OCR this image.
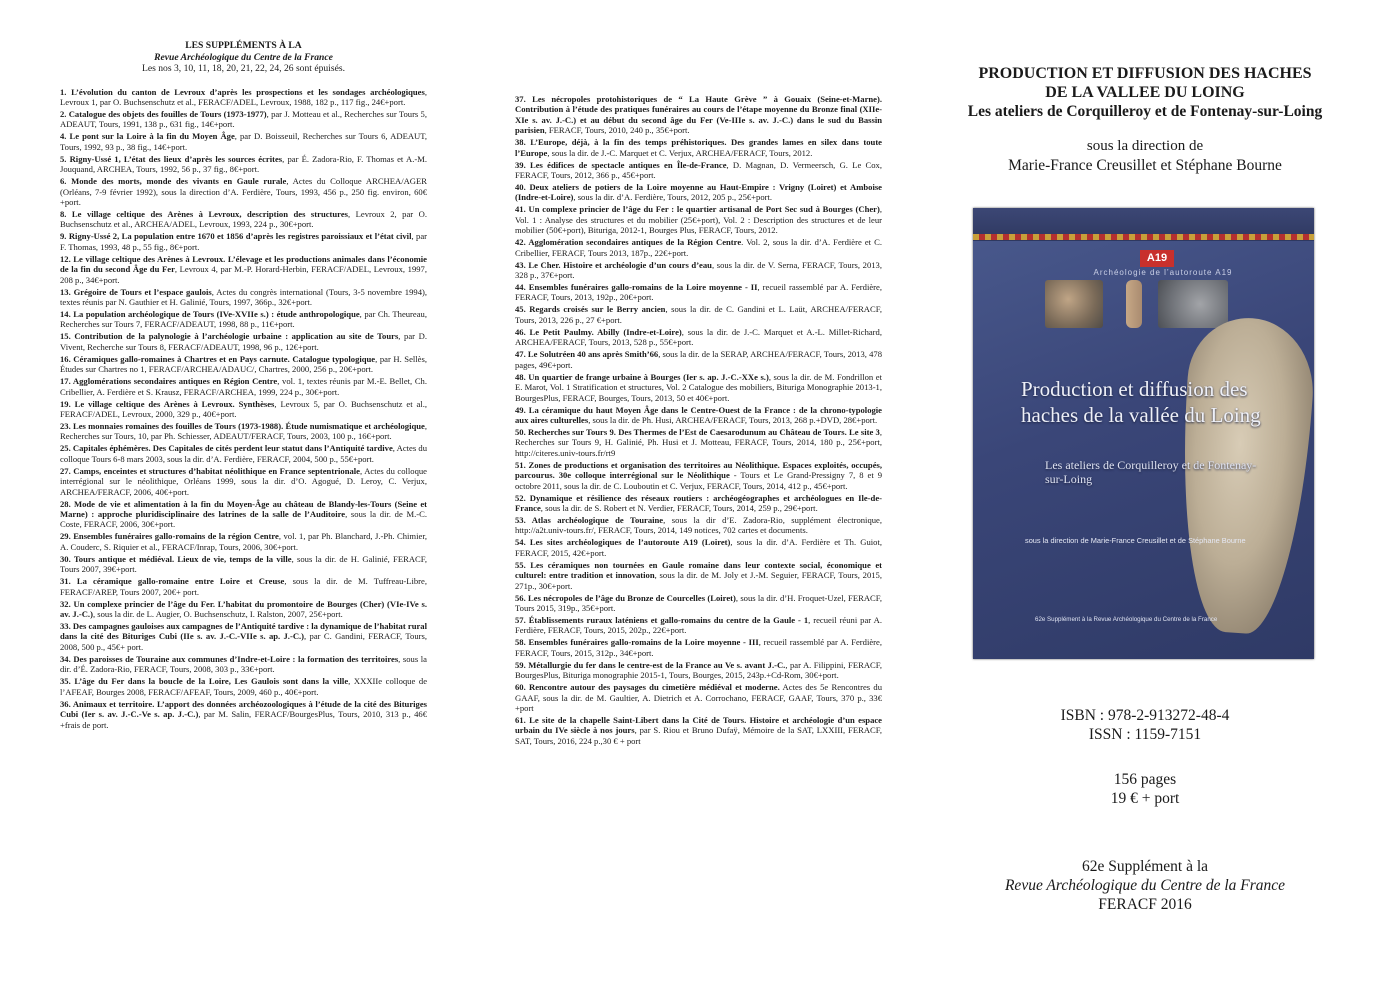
LES SUPPLÉMENTS À LA
Revue Archéologique du Centre de la France
Les nos 3, 10, 11, 18, 20, 21, 22, 24, 26 sont épuisés.

1. L’évolution du canton de Levroux d’après les prospections et les sondages archéologiques, Levroux 1, par O. Buchsenschutz et al., FERACF/ADEL, Levroux, 1988, 182 p., 117 fig., 24€+port.

2. Catalogue des objets des fouilles de Tours (1973-1977), par J. Motteau et al., Recherches sur Tours 5, ADEAUT, Tours, 1991, 138 p., 631 fig., 14€+port.

4. Le pont sur la Loire à la fin du Moyen Âge, par D. Boisseuil, Recherches sur Tours 6, ADEAUT, Tours, 1992, 93 p., 38 fig., 14€+port.

5. Rigny-Ussé 1, L’état des lieux d’après les sources écrites, par É. Zadora-Rio, F. Thomas et A.-M. Jouquand, ARCHEA, Tours, 1992, 56 p., 37 fig., 8€+port.

6. Monde des morts, monde des vivants en Gaule rurale, Actes du Colloque ARCHEA/AGER (Orléans, 7-9 février 1992), sous la direction d’A. Ferdière, Tours, 1993, 456 p., 250 fig. environ, 60€+port.

8. Le village celtique des Arènes à Levroux, description des structures, Levroux 2, par O. Buchsenschutz et al., ARCHEA/ADEL, Levroux, 1993, 224 p., 30€+port.

9. Rigny-Ussé 2, La population entre 1670 et 1856 d’après les registres paroissiaux et l’état civil, par F. Thomas, 1993, 48 p., 55 fig., 8€+port.

12. Le village celtique des Arènes à Levroux. L’élevage et les productions animales dans l’économie de la fin du second Âge du Fer, Levroux 4, par M.-P. Horard-Herbin, FERACF/ADEL, Levroux, 1997, 208 p., 34€+port.

13. Grégoire de Tours et l’espace gaulois, Actes du congrès international (Tours, 3-5 novembre 1994), textes réunis par N. Gauthier et H. Galinié, Tours, 1997, 366p., 32€+port.

14. La population archéologique de Tours (IVe-XVIIe s.) : étude anthropologique, par Ch. Theureau, Recherches sur Tours 7, FERACF/ADEAUT, 1998, 88 p., 11€+port.

15. Contribution de la palynologie à l’archéologie urbaine : application au site de Tours, par D. Vivent, Recherche sur Tours 8, FERACF/ADEAUT, 1998, 96 p., 12€+port.

16. Céramiques gallo-romaines à Chartres et en Pays carnute. Catalogue typologique, par H. Sellès, Études sur Chartres no 1, FERACF/ARCHEA/ADAUC/, Chartres, 2000, 256 p., 20€+port.

17. Agglomérations secondaires antiques en Région Centre, vol. 1, textes réunis par M.-E. Bellet, Ch. Cribellier, A. Ferdière et S. Krausz, FERACF/ARCHEA, 1999, 224 p., 30€+port.

19. Le village celtique des Arènes à Levroux. Synthèses, Levroux 5, par O. Buchsenschutz et al., FERACF/ADEL, Levroux, 2000, 329 p., 40€+port.

23. Les monnaies romaines des fouilles de Tours (1973-1988). Étude numismatique et archéologique, Recherches sur Tours, 10, par Ph. Schiesser, ADEAUT/FERACF, Tours, 2003, 100 p., 16€+port.

25. Capitales éphémères. Des Capitales de cités perdent leur statut dans l’Antiquité tardive, Actes du colloque Tours 6-8 mars 2003, sous la dir. d’A. Ferdière, FERACF, 2004, 500 p., 55€+port.

27. Camps, enceintes et structures d’habitat néolithique en France septentrionale, Actes du colloque interrégional sur le néolithique, Orléans 1999, sous la dir. d’O. Agogué, D. Leroy, C. Verjux, ARCHEA/FERACF, 2006, 40€+port.

28. Mode de vie et alimentation à la fin du Moyen-Âge au château de Blandy-les-Tours (Seine et Marne) : approche pluridisciplinaire des latrines de la salle de l’Auditoire, sous la dir. de M.-C. Coste, FERACF, 2006, 30€+port.

29. Ensembles funéraires gallo-romains de la région Centre, vol. 1, par Ph. Blanchard, J.-Ph. Chimier, A. Couderc, S. Riquier et al., FERACF/Inrap, Tours, 2006, 30€+port.

30. Tours antique et médiéval. Lieux de vie, temps de la ville, sous la dir. de H. Galinié, FERACF, Tours 2007, 39€+port.

31. La céramique gallo-romaine entre Loire et Creuse, sous la dir. de M. Tuffreau-Libre, FERACF/AREP, Tours 2007, 20€+ port.

32. Un complexe princier de l’âge du Fer. L’habitat du promontoire de Bourges (Cher) (VIe-IVe s. av. J.-C.), sous la dir. de L. Augier, O. Buchsenschutz, I. Ralston, 2007, 25€+port.

33. Des campagnes gauloises aux campagnes de l’Antiquité tardive : la dynamique de l’habitat rural dans la cité des Bituriges Cubi (IIe s. av. J.-C.-VIIe s. ap. J.-C.), par C. Gandini, FERACF, Tours, 2008, 500 p., 45€+ port.

34. Des paroisses de Touraine aux communes d’Indre-et-Loire : la formation des territoires, sous la dir. d’É. Zadora-Rio, FERACF, Tours, 2008, 303 p., 33€+port.

35. L’âge du Fer dans la boucle de la Loire, Les Gaulois sont dans la ville, XXXIIe colloque de l’AFEAF, Bourges 2008, FERACF/AFEAF, Tours, 2009, 460 p., 40€+port.

36. Animaux et territoire. L’apport des données archéozoologiques à l’étude de la cité des Bituriges Cubi (Ier s. av. J.-C.-Ve s. ap. J.-C.), par M. Salin, FERACF/BourgesPlus, Tours, 2010, 313 p., 46€+frais de port.

37. Les nécropoles protohistoriques de “ La Haute Grève ” à Gouaix (Seine-et-Marne). Contribution à l’étude des pratiques funéraires au cours de l’étape moyenne du Bronze final (XIIe-XIe s. av. J.-C.) et au début du second âge du Fer (Ve-IIIe s. av. J.-C.) dans le sud du Bassin parisien, FERACF, Tours, 2010, 240 p., 35€+port.

38. L’Europe, déjà, à la fin des temps préhistoriques. Des grandes lames en silex dans toute l’Europe, sous la dir. de J.-C. Marquet et C. Verjux, ARCHEA/FERACF, Tours, 2012.

39. Les édifices de spectacle antiques en Île-de-France, D. Magnan, D. Vermeersch, G. Le Cox, FERACF, Tours, 2012, 366 p., 45€+port.

40. Deux ateliers de potiers de la Loire moyenne au Haut-Empire : Vrigny (Loiret) et Amboise (Indre-et-Loire), sous la dir. d’A. Ferdière, Tours, 2012, 205 p., 25€+port.

41. Un complexe princier de l’âge du Fer : le quartier artisanal de Port Sec sud à Bourges (Cher), Vol. 1 : Analyse des structures et du mobilier (25€+port), Vol. 2 : Description des structures et de leur mobilier (50€+port), Bituriga, 2012-1, Bourges Plus, FERACF, Tours, 2012.

42. Agglomération secondaires antiques de la Région Centre. Vol. 2, sous la dir. d’A. Ferdière et C. Cribellier, FERACF, Tours 2013, 187p., 22€+port.

43. Le Cher. Histoire et archéologie d’un cours d’eau, sous la dir. de V. Serna, FERACF, Tours, 2013, 328 p., 37€+port.

44. Ensembles funéraires gallo-romains de la Loire moyenne - II, recueil rassemblé par A. Ferdière, FERACF, Tours, 2013, 192p., 20€+port.

45. Regards croisés sur le Berry ancien, sous la dir. de C. Gandini et L. Laüt, ARCHEA/FERACF, Tours, 2013, 226 p., 27 €+port.

46. Le Petit Paulmy. Abilly (Indre-et-Loire), sous la dir. de J.-C. Marquet et A.-L. Millet-Richard, ARCHEA/FERACF, Tours, 2013, 528 p., 55€+port.

47. Le Solutréen 40 ans après Smith’66, sous la dir. de la SERAP, ARCHEA/FERACF, Tours, 2013, 478 pages, 49€+port.

48. Un quartier de frange urbaine à Bourges (Ier s. ap. J.-C.-XXe s.), sous la dir. de M. Fondrillon et E. Marot, Vol. 1 Stratification et structures, Vol. 2 Catalogue des mobiliers, Bituriga Monographie 2013-1, BourgesPlus, FERACF, Bourges, Tours, 2013, 50 et 40€+port.

49. La céramique du haut Moyen Âge dans le Centre-Ouest de la France : de la chrono-typologie aux aires culturelles, sous la dir. de Ph. Husi, ARCHEA/FERACF, Tours, 2013, 268 p.+DVD, 28€+port.

50. Recherches sur Tours 9. Des Thermes de l’Est de Caesarodunum au Château de Tours. Le site 3, Recherches sur Tours 9, H. Galinié, Ph. Husi et J. Motteau, FERACF, Tours, 2014, 180 p., 25€+port, http://citeres.univ-tours.fr/rt9

51. Zones de productions et organisation des territoires au Néolithique. Espaces exploités, occupés, parcourus. 30e colloque interrégional sur le Néolithique - Tours et Le Grand-Pressigny 7, 8 et 9 octobre 2011, sous la dir. de C. Louboutin et C. Verjux, FERACF, Tours, 2014, 412 p., 45€+port.

52. Dynamique et résilience des réseaux routiers : archéogéographes et archéologues en Ile-de-France, sous la dir. de S. Robert et N. Verdier, FERACF, Tours, 2014, 259 p., 29€+port.

53. Atlas archéologique de Touraine, sous la dir d’E. Zadora-Rio, supplément électronique, http://a2t.univ-tours.fr/, FERACF, Tours, 2014, 149 notices, 702 cartes et documents.

54. Les sites archéologiques de l’autoroute A19 (Loiret), sous la dir. d’A. Ferdière et Th. Guiot, FERACF, 2015, 42€+port.

55. Les céramiques non tournées en Gaule romaine dans leur contexte social, économique et culturel: entre tradition et innovation, sous la dir. de M. Joly et J.-M. Seguier, FERACF, Tours, 2015, 271p., 30€+port.

56. Les nécropoles de l’âge du Bronze de Courcelles (Loiret), sous la dir. d’H. Froquet-Uzel, FERACF, Tours 2015, 319p., 35€+port.

57. Établissements ruraux laténiens et gallo-romains du centre de la Gaule - 1, recueil réuni par A. Ferdière, FERACF, Tours, 2015, 202p., 22€+port.

58. Ensembles funéraires gallo-romains de la Loire moyenne - III, recueil rassemblé par A. Ferdière, FERACF, Tours, 2015, 312p., 34€+port.

59. Métallurgie du fer dans le centre-est de la France au Ve s. avant J.-C., par A. Filippini, FERACF, BourgesPlus, Bituriga monographie 2015-1, Tours, Bourges, 2015, 243p.+Cd-Rom, 30€+port.

60. Rencontre autour des paysages du cimetière médiéval et moderne. Actes des 5e Rencontres du GAAF, sous la dir. de M. Gaultier, A. Dietrich et A. Corrochano, FERACF, GAAF, Tours, 370 p., 33€+port

61. Le site de la chapelle Saint-Libert dans la Cité de Tours. Histoire et archéologie d’un espace urbain du IVe siècle à nos jours, par S. Riou et Bruno Dufaÿ, Mémoire de la SAT, LXXIII, FERACF, SAT, Tours, 2016, 224 p.,30 € + port

PRODUCTION ET DIFFUSION DES HACHES
DE LA VALLEE DU LOING
Les ateliers de Corquilleroy et de Fontenay-sur-Loing
sous la direction de
Marie-France Creusillet et Stéphane Bourne
A19
Archéologie de l’autoroute A19
Production et diffusion des haches de la vallée du Loing
Les ateliers de Corquilleroy et de Fontenay-sur-Loing
sous la direction de Marie-France Creusillet et de Stéphane Bourne
62e Supplément à la Revue Archéologique du Centre de la France
ISBN : 978-2-913272-48-4
ISSN : 1159-7151
156 pages
19 € + port
62e Supplément à la
Revue Archéologique du Centre de la France
FERACF 2016
